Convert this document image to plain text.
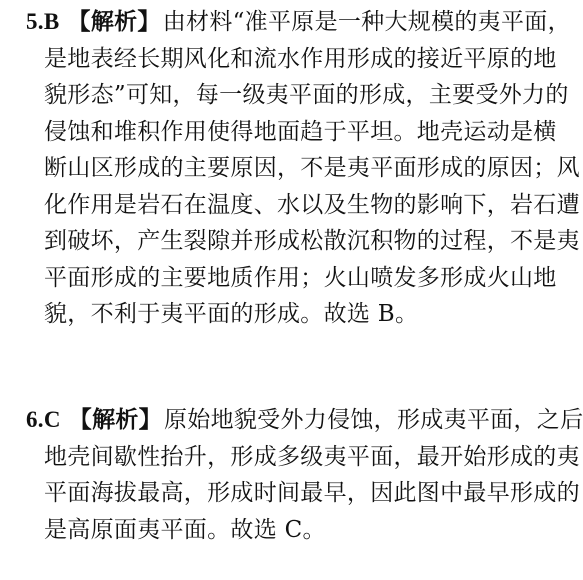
5.B 【解析】由材料“准平原是一种大规模的夷平面，
是地表经长期风化和流水作用形成的接近平原的地
貌形态”可知，每一级夷平面的形成，主要受外力的
侵蚀和堆积作用使得地面趋于平坦。地壳运动是横
断山区形成的主要原因，不是夷平面形成的原因；风
化作用是岩石在温度、水以及生物的影响下，岩石遭
到破坏，产生裂隙并形成松散沉积物的过程，不是夷
平面形成的主要地质作用；火山喷发多形成火山地
貌，不利于夷平面的形成。故选 B。
6.C 【解析】原始地貌受外力侵蚀，形成夷平面，之后
地壳间歇性抬升，形成多级夷平面，最开始形成的夷
平面海拔最高，形成时间最早，因此图中最早形成的
是高原面夷平面。故选 C。
